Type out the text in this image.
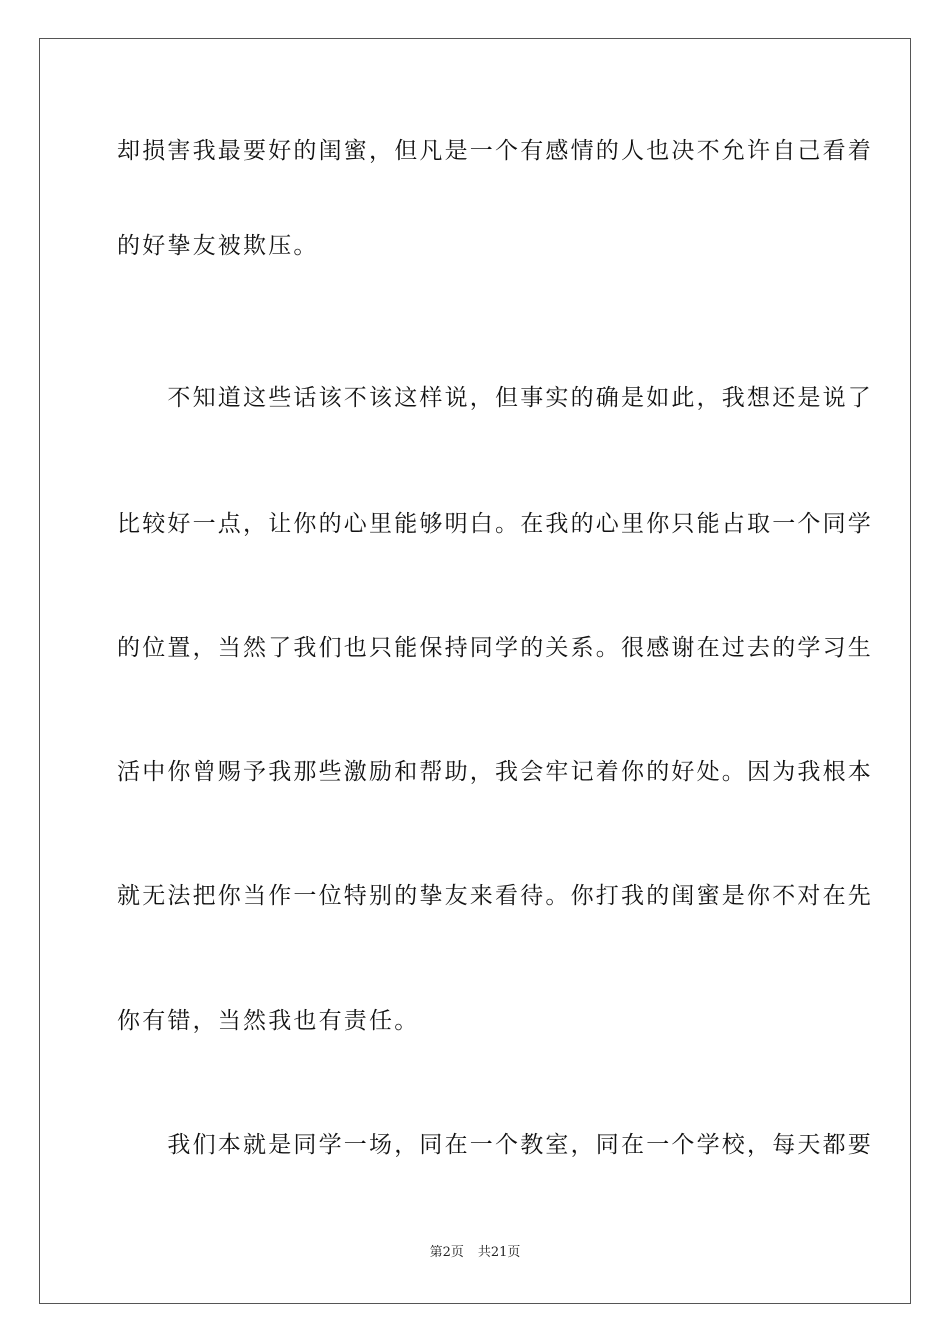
却损害我最要好的闺蜜，但凡是一个有感情的人也决不允许自己看着
的好挚友被欺压。
　　不知道这些话该不该这样说，但事实的确是如此，我想还是说了
比较好一点，让你的心里能够明白。在我的心里你只能占取一个同学
的位置，当然了我们也只能保持同学的关系。很感谢在过去的学习生
活中你曾赐予我那些激励和帮助，我会牢记着你的好处。因为我根本
就无法把你当作一位特别的挚友来看待。你打我的闺蜜是你不对在先
你有错，当然我也有责任。
　　我们本就是同学一场，同在一个教室，同在一个学校，每天都要
第2页 共21页
